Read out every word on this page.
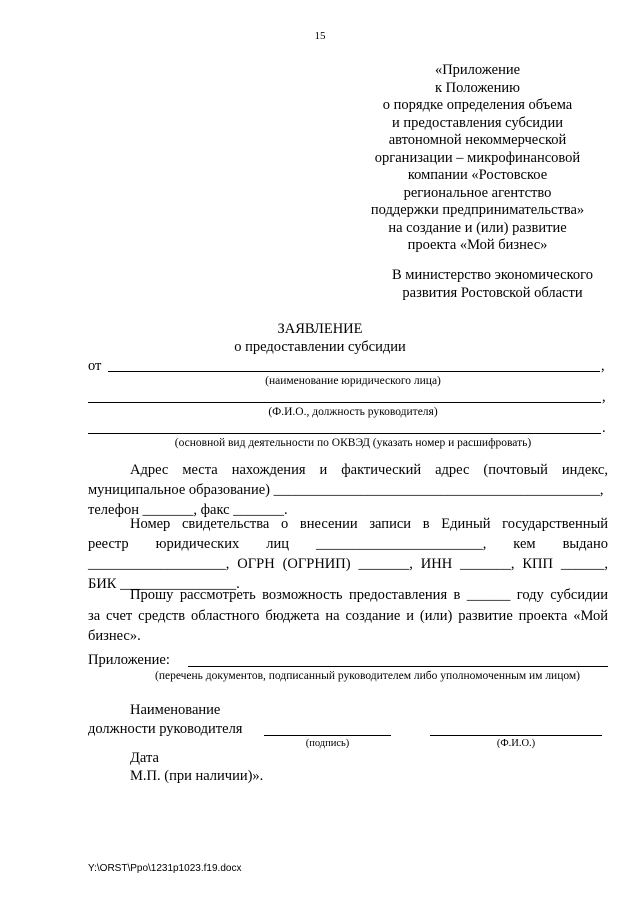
15
«Приложение
к Положению
о порядке определения объема
и предоставления субсидии
автономной некоммерческой
организации – микрофинансовой
компании «Ростовское
региональное агентство
поддержки предпринимательства»
на создание и (или) развитие
проекта «Мой бизнес»
В министерство экономического
развития Ростовской области
ЗАЯВЛЕНИЕ
о предоставлении субсидии
от	,
(наименование юридического лица)
,
(Ф.И.О., должность руководителя)
.
(основной вид деятельности по ОКВЭД (указать номер и расшифровать)
Адрес места нахождения и фактический адрес (почтовый индекс,
муниципальное образование) _____________________________________________,
телефон _______, факс _______.
Номер свидетельства о внесении записи в Единый государственный
реестр юридических лиц _______________________, кем выдано
___________________, ОГРН (ОГРНИП) _______, ИНН _______, КПП ______,
БИК ________________.
Прошу рассмотреть возможность предоставления в ______ году субсидии
за счет средств областного бюджета на создание и (или) развитие проекта «Мой
бизнес».
Приложение:
(перечень документов, подписанный руководителем либо уполномоченным им лицом)
Наименование
должности руководителя
(подпись)	(Ф.И.О.)
Дата
М.П. (при наличии)».
Y:\ORST\Ppo\1231p1023.f19.docx
